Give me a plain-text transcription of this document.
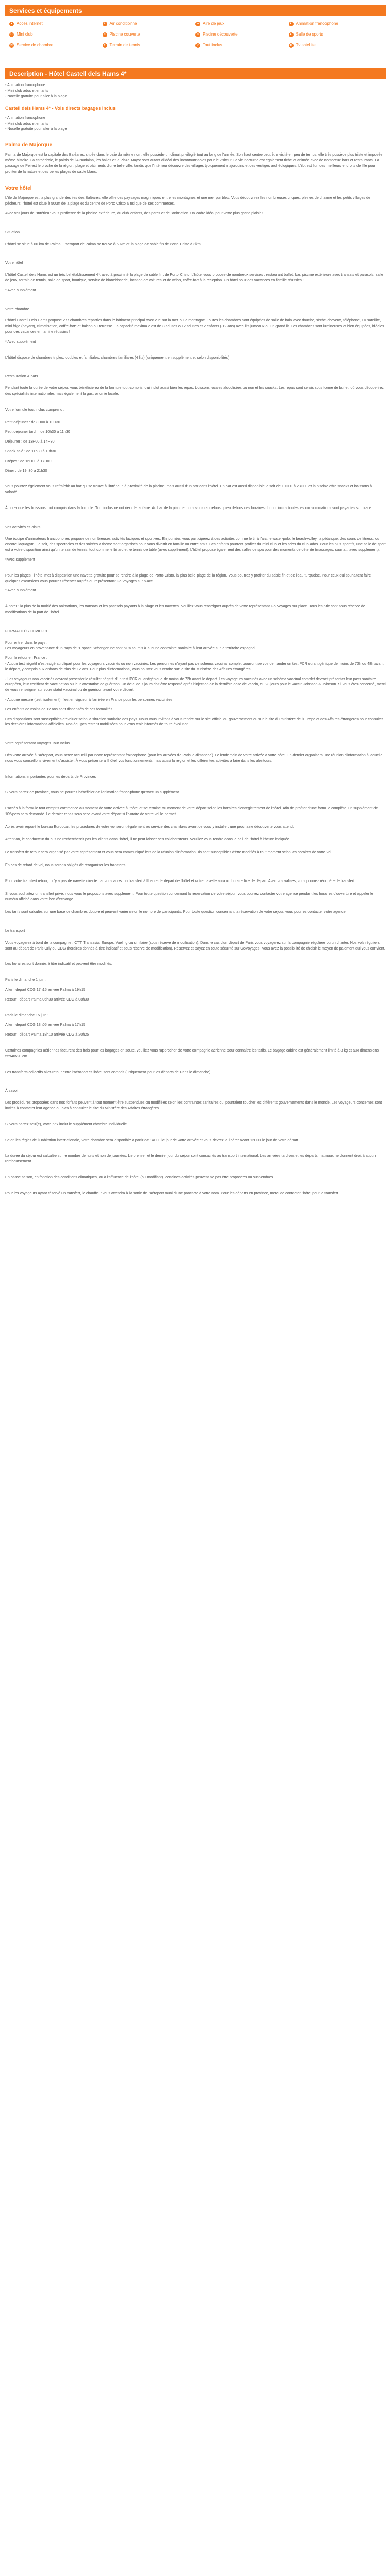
Services et équipements
▲ Accès internet	✦ Air conditionné	● Aire de jeux	★ Animation francophone
☺ Mini club	≈ Piscine couverte	≈ Piscine découverte	♦ Salle de sports
✉ Service de chambre	● Terrain de tennis	✔ Tout inclus	◉ Tv satellite
Description - Hôtel Castell dels Hams 4*

- Animation francophone

- Mini club ados et enfants

- Nocelle gratuite pour aller à la plage

Castell dels Hams 4* - Vols directs bagages inclus

- Animation francophone

- Mini club ados et enfants

- Nocelle gratuite pour aller à la plage

Palma de Majorque

Palma de Majorque est la capitale des Baléares, située dans le baie du même nom, elle possède un climat privilégié tout au long de l'année. Son haut centre peut être visité en peu de temps, elle très possède plus triste et imposée même histoire. La cathédrale, le palais de l'Almudaina, les halles et la Plaza Mayor sont autant d'idéal des incontournables pour le visiteur. La vie nocturne est également riche et animée avec de nombreux bars et restaurants. La passage de Pei est le proche de la région, plage et bâtiments d'une belle ville, tandis que l'intérieur découvre des villages typiquement majorquins et des vestiges archéologiques. L'ilot est l'un des meilleurs endroits de l'île pour profiter de la nature et des belles plages de sable blanc.

Votre hôtel

L'île de Majorque est la plus grande des iles des Baléares, elle offre des paysages magnifiques entre les montagnes et une mer pur bleu. Vous découvrirez les nombreuses criques, pleines de charme et les petits villages de pêcheurs, l'hôtel est situé à 500m de la plage et du centre de Porto Cristo ainsi que de ses commerces.

Avec vos jours de l'Intérieur vous profiterez de la piscine extérieure, du club enfants, des parcs et de l'animation. Un cadre idéal pour votre plus grand plaisir !

Situation

L'hôtel se situe à 60 km de Palma. L'aéroport de Palma se trouve à 60km et la plage de sable fin de Porto Cristo à 3km.

Votre hôtel

L'hôtel Castell dels Hams est un très bel établissement 4*, avec à proximité la plage de sable fin, de Porto Cristo. L'hôtel vous propose de nombreux services : restaurant buffet, bar, piscine extérieure avec transats et parasols, salle de jeux, terrain de tennis, salle de sport, boutique, service de blanchisserie, location de voitures et de vélos, coffre-fort à la réception. Un hôtel pour des vacances en famille réussies !

* Avec supplément

Votre chambre

L'hôtel Castell Dels Hams propose 277 chambres réparties dans le bâtiment principal avec vue sur la mer ou la montagne. Toutes les chambres sont équipées de salle de bain avec douche, sèche-cheveux, téléphone, TV satellite, mini frigo (payant), climatisation, coffre-fort* et balcon ou terrasse. La capacité maximale est de 3 adultes ou 2 adultes et 2 enfants (-12 ans) avec lits jumeaux ou un grand lit. Les chambres sont lumineuses et bien équipées, idéales pour des vacances en famille réussies !

* Avec supplément

L'hôtel dispose de chambres triples, doubles et familiales, chambres familiales (4 lits) (uniquement en supplément et selon disponibilités).

Restauration & bars

Pendant toute la durée de votre séjour, vous bénéficierez de la formule tout compris, qui inclut aussi bien les repas, boissons locales alcoolisées ou non et les snacks. Les repas sont servis sous forme de buffet, où vous découvrirez des spécialités internationales mais également la gastronomie locale.

Votre formule tout inclus comprend :

Petit déjeuner : de 8H00 à 10H30

Petit déjeuner tardif : de 10h30 à 11h30

Déjeuner : de 13H00 à 14H30

Snack salé : de 11h30 à 13h30

Crêpes : de 16H00 à 17H00

Dîner : de 19h30 à 21h30

Vous pourrez également vous rafraîchir au bar qui se trouve à l'intérieur, à proximité de la piscine, mais aussi d'un bar dans l'hôtel. Un bar est aussi disponible le soir de 10H00 à 23H00 et la piscine offre snacks et boissons à volonté.

À noter que les boissons tout compris dans la formule. Tout inclus ne ont rien de tarifaire. Au bar de la piscine, nous vous rappelons qu'en dehors des horaires du tout inclus toutes les consommations sont payantes sur place.

Vos activités et loisirs

Une équipe d'animateurs francophones propose de nombreuses activités ludiques et sportives. En journée, vous participerez à des activités comme le tir à l'arc, le water-polo, le beach-volley, la pétanque, des cours de fitness, ou encore l'aquagym. Le soir, des spectacles et des soirées à thème sont organisés pour vous divertir en famille ou entre amis. Les enfants pourront profiter du mini club et les ados du club ados. Pour les plus sportifs, une salle de sport est à votre disposition ainsi qu'un terrain de tennis, tout comme le billard et le tennis de table (avec supplément). L'hôtel propose également des salles de spa pour des moments de détente (massages, sauna... avec supplément).

*Avec supplément

Pour les plages : l'hôtel met à disposition une navette gratuite pour se rendre à la plage de Porto Cristo, la plus belle plage de la région. Vous pourrez y profiter du sable fin et de l'eau turquoise. Pour ceux qui souhaitent faire quelques excursions vous pourrez réserver auprès du représentant Go Voyages sur place.

* Avec supplément

À noter : la plus de la moitié des animations, les transats et les parasols payants à la plage et les navettes. Veuillez vous renseigner auprès de votre représentant Go Voyages sur place. Tous les prix sont sous réserve de modifications de la part de l'hôtel.

FORMALITÉS COVID-19

Pour entrer dans le pays :

Les voyageurs en provenance d'un pays de l'Espace Schengen ne sont plus soumis à aucune contrainte sanitaire à leur arrivée sur le territoire espagnol.

Pour le retour en France :

- Aucun test négatif n'est exigé au départ pour les voyageurs vaccinés ou non vaccinés. Les personnes n'ayant pas de schéma vaccinal complet pourront se voir demander un test PCR ou antigénique de moins de 72h ou 48h avant le départ, y compris aux enfants de plus de 12 ans. Pour plus d'informations, vous pouvez vous rendre sur le site du Ministère des Affaires étrangères.

- Les voyageurs non vaccinés devront présenter le résultat négatif d'un test PCR ou antigénique de moins de 72h avant le départ. Les voyageurs vaccinés avec un schéma vaccinal complet devront présenter leur pass sanitaire européen, leur certificat de vaccination ou leur attestation de guérison. Un délai de 7 jours doit être respecté après l'injection de la dernière dose de vaccin, ou 28 jours pour le vaccin Johnson & Johnson. Si vous êtes concerné, merci de vous renseigner sur votre statut vaccinal ou de guérison avant votre départ.

- Aucune mesure (test, isolement) n'est en vigueur à l'arrivée en France pour les personnes vaccinées.

Les enfants de moins de 12 ans sont dispensés de ces formalités.

Ces dispositions sont susceptibles d'évoluer selon la situation sanitaire des pays. Nous vous invitons à vous rendre sur le site officiel du gouvernement ou sur le site du ministère de l'Europe et des Affaires étrangères pour consulter les dernières informations officielles. Nos équipes restent mobilisées pour vous tenir informés de toute évolution.

Votre représentant Voyages Tout Inclus

Dès votre arrivée à l'aéroport, vous serez accueilli par notre représentant francophone (pour les arrivées de Paris le dimanche). Le lendemain de votre arrivée à votre hôtel, un dernier organisera une réunion d'information à laquelle nous vous conseillons vivement d'assister. À vous présentera l'hôtel, vos fonctionnements mais aussi la région et les différentes activités à faire dans les alentours.

Informations importantes pour les départs de Provinces

Si vous partez de province, vous ne pourrez bénéficier de l'animation francophone qu'avec un supplément.

L'accès à la formule tout compris commence au moment de votre arrivée à l'hôtel et se termine au moment de votre départ selon les horaires d'enregistrement de l'hôtel. Afin de profiter d'une formule complète, un supplément de 10€/pers sera demandé. Le dernier repas sera servi avant votre départ si l'horaire de votre vol le permet.

Après avoir reposé le bureau Europcar, les procédures de votre vol seront également au service des chambres avant de vous y installer, une prochaine découverte vous attend.

Attention, le conducteur du bus ne rechercherait pas les clients dans l'hôtel, il ne peut laisser ses collaborateurs. Veuillez vous rendre dans le hall de l'hôtel à l'heure indiquée.

Le transfert de retour sera organisé par votre représentant et vous sera communiqué lors de la réunion d'information. Ils sont susceptibles d'être modifiés à tout moment selon les horaires de votre vol.

En cas de retard de vol, nous serons obligés de réorganiser les transferts.

Pour votre transfert retour, il n'y a pas de navette directe car vous aurez un transfert à l'heure de départ de l'hôtel et votre navette aura un horaire fixe de départ. Avec vos valises, vous pourrez récupérer le transfert.

Si vous souhaitez un transfert privé, nous vous le proposons avec supplément. Pour toute question concernant la réservation de votre séjour, vous pourrez contacter votre agence pendant les horaires d'ouverture et appeler le numéro affiché dans votre bon d'échange.

Les tarifs sont calculés sur une base de chambres double et peuvent varier selon le nombre de participants. Pour toute question concernant la réservation de votre séjour, vous pourrez contacter votre agence.

Le transport

Vous voyagerez à bord de la compagnie : CTT, Transavia, Europe, Vueling ou similaire (sous réserve de modification). Dans le cas d'un départ de Paris vous voyagerez sur la compagnie régulière ou un charter. Nos vols réguliers sont au départ de Paris Orly ou CDG (horaires donnés à titre indicatif et sous réserve de modification). Réservez et payez en toute sécurité sur GoVoyages. Vous avez la possibilité de choisir le moyen de paiement qui vous convient.

Les horaires sont donnés à titre indicatif et peuvent être modifiés.

Paris le dimanche 1 juin :

Aller : départ CDG 17h15 arrivée Palma à 19h15

Retour : départ Palma 06h30 arrivée CDG à 08h30

Paris le dimanche 15 juin :

Aller : départ CDG 13h05 arrivée Palma à 17h15

Retour : départ Palma 18h10 arrivée CDG à 20h25

Certaines compagnies aériennes facturent des frais pour les bagages en soute, veuillez vous rapprocher de votre compagnie aérienne pour connaître les tarifs. Le bagage cabine est généralement limité à 8 kg et aux dimensions 55x40x20 cm.

Les transferts collectifs aller-retour entre l'aéroport et l'hôtel sont compris (uniquement pour les départs de Paris le dimanche).

À savoir

Les procédures proposées dans nos forfaits peuvent à tout moment être suspendues ou modifiées selon les contraintes sanitaires qui pourraient toucher les différents gouvernements dans le monde. Les voyageurs concernés sont invités à contacter leur agence ou bien à consulter le site du Ministère des Affaires étrangères.

Si vous partez seul(e), votre prix inclut le supplément chambre individuelle.

Selon les règles de l'Habitation internationale, votre chambre sera disponible à partir de 14H00 le jour de votre arrivée et vous devrez la libérer avant 12H00 le jour de votre départ.

La durée du séjour est calculée sur le nombre de nuits et non de journées. Le premier et le dernier jour du séjour sont consacrés au transport international. Les arrivées tardives et les départs matinaux ne donnent droit à aucun remboursement.

En basse saison, en fonction des conditions climatiques, ou à l'affluence de l'hôtel (ou modifiant), certaines activités peuvent ne pas être proposées ou suspendues.

Pour les voyageurs ayant réservé un transfert, le chauffeur vous attendra à la sortie de l'aéroport muni d'une pancarte à votre nom. Pour les départs en province, merci de contacter l'hôtel pour le transfert.
